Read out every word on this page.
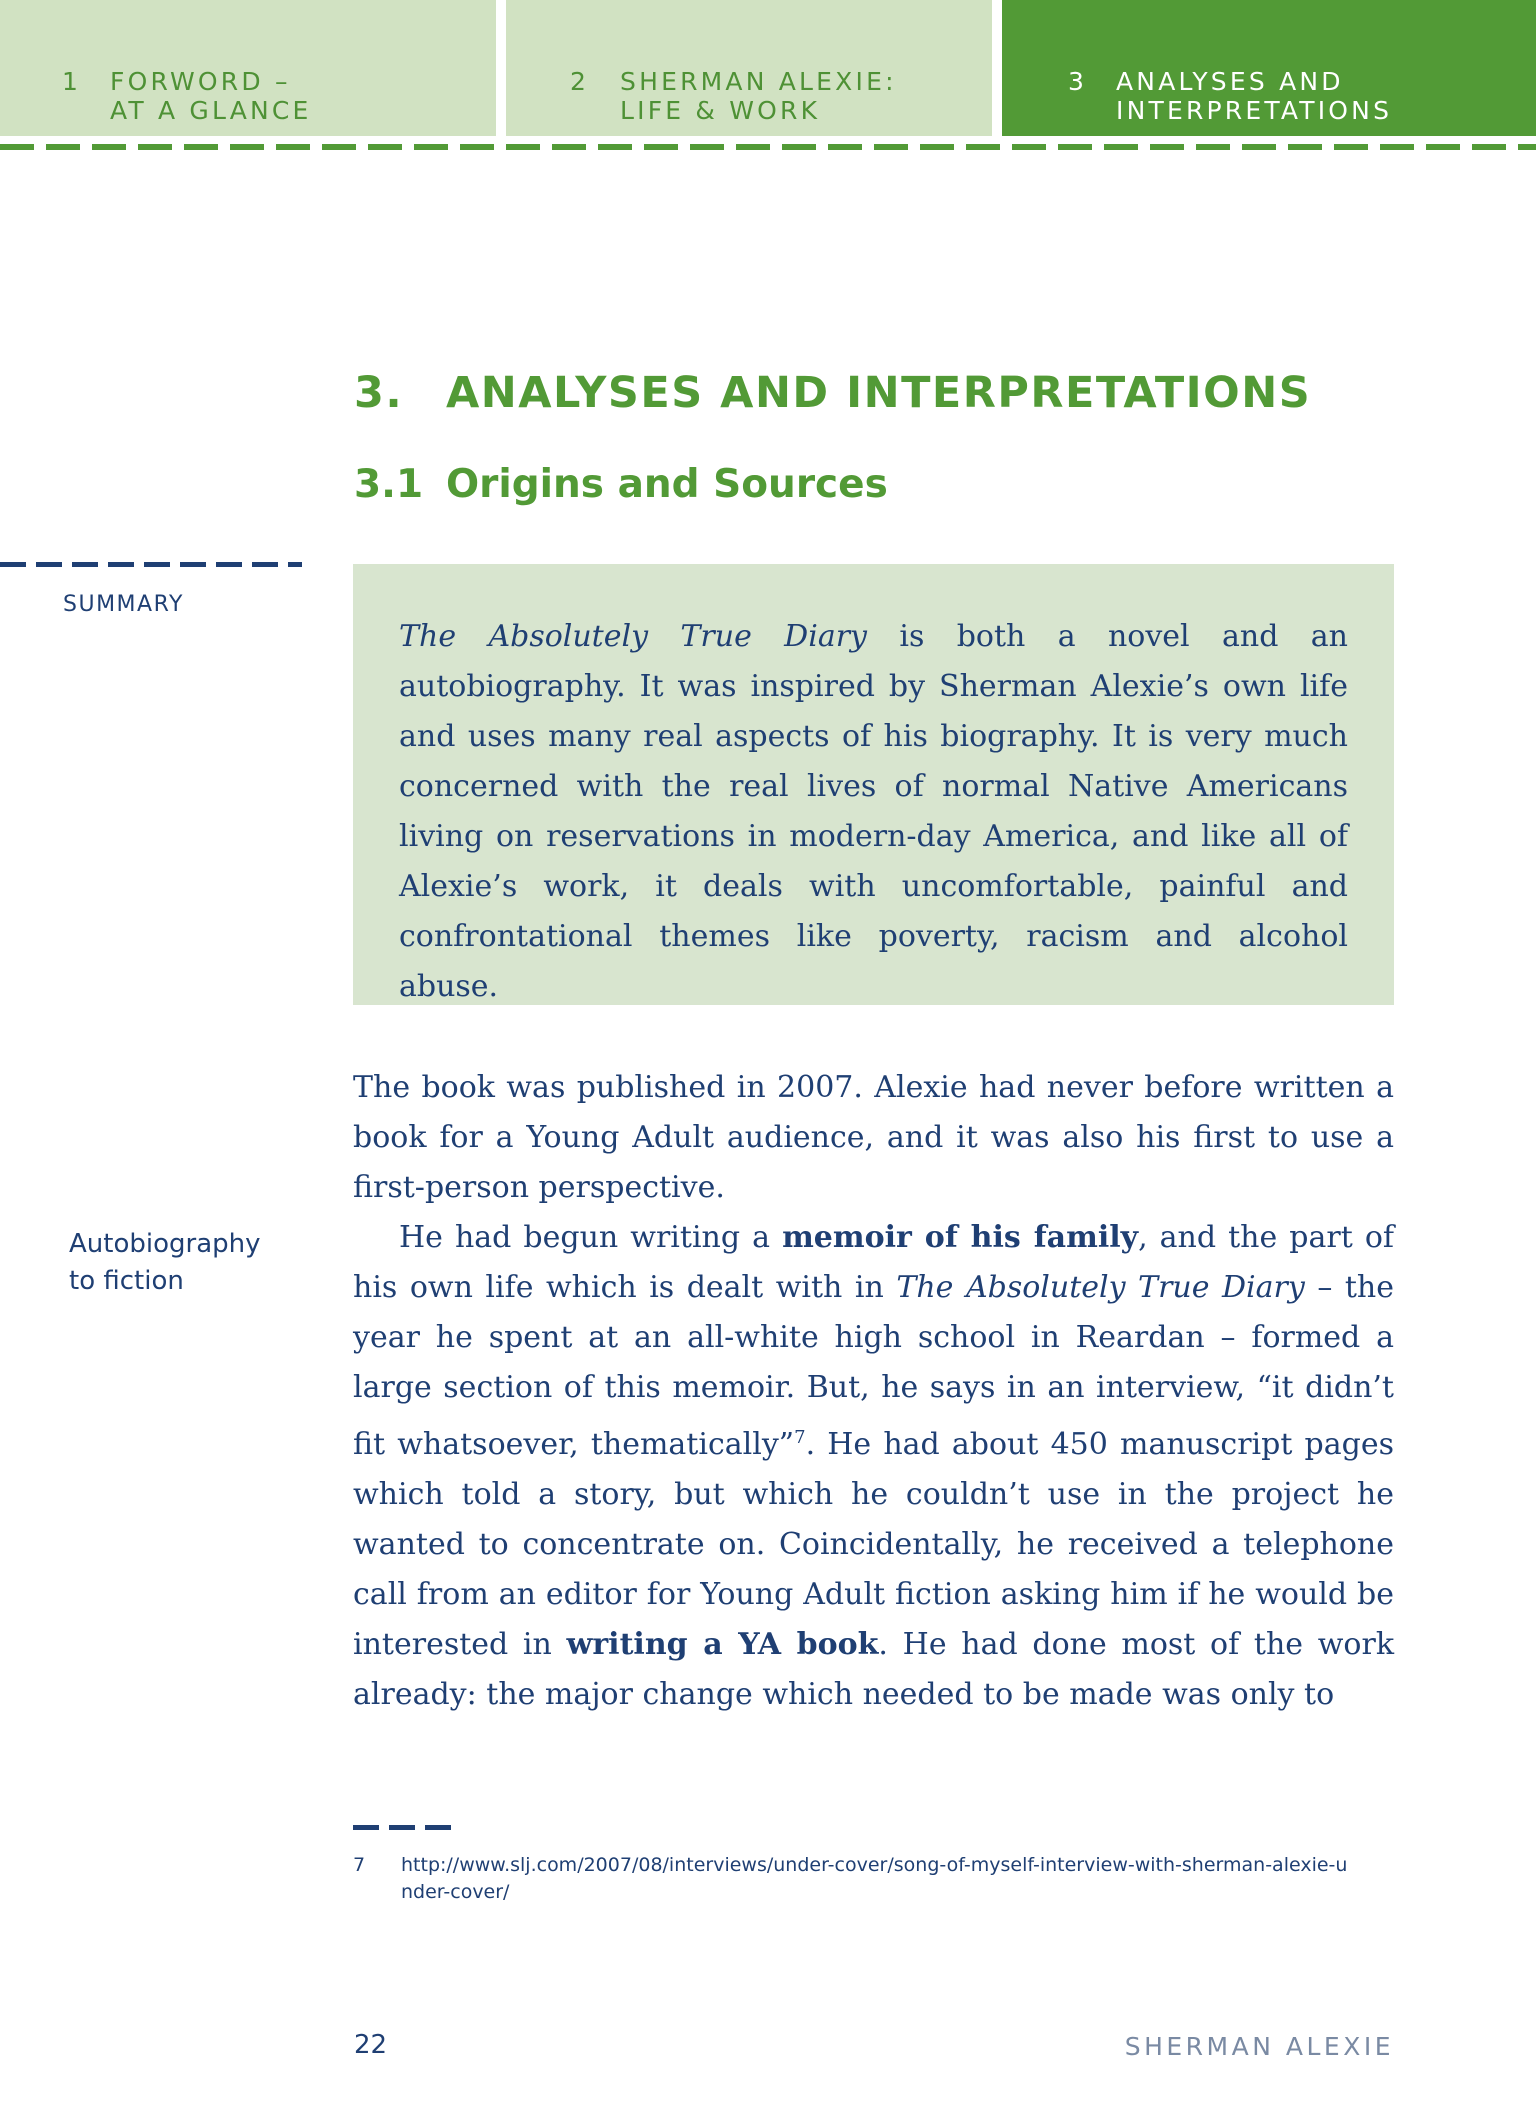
1 FORWORD –
AT A GLANCE
2 SHERMAN ALEXIE:
LIFE & WORK
3 ANALYSES AND
INTERPRETATIONS
3. ANALYSES AND INTERPRETATIONS
3.1 Origins and Sources
SUMMARY

The Absolutely True Diary is both a novel and an autobiography. It was inspired by Sherman Alexie’s own life and uses many real aspects of his biography. It is very much concerned with the real lives of normal Native Americans living on reservations in modern-day America, and like all of Alexie’s work, it deals with uncomfortable, painful and confrontational themes like poverty, racism and alcohol abuse.

Autobiography
to fiction

The book was published in 2007. Alexie had never before written a book for a Young Adult audience, and it was also his first to use a first-person perspective.

He had begun writing a memoir of his family, and the part of his own life which is dealt with in The Absolutely True Diary – the year he spent at an all-white high school in Reardan – formed a large section of this memoir. But, he says in an interview, “it didn’t fit whatsoever, thematically”$^7$. He had about 450 manuscript pages which told a story, but which he couldn’t use in the project he wanted to concentrate on. Coincidentally, he received a telephone call from an editor for Young Adult fiction asking him if he would be interested in writing a YA book. He had done most of the work already: the major change which needed to be made was only to

7 http://www.slj.com/2007/08/interviews/under-cover/song-of-myself-interview-with-sherman-alexie-under-cover/
22	SHERMAN ALEXIE
